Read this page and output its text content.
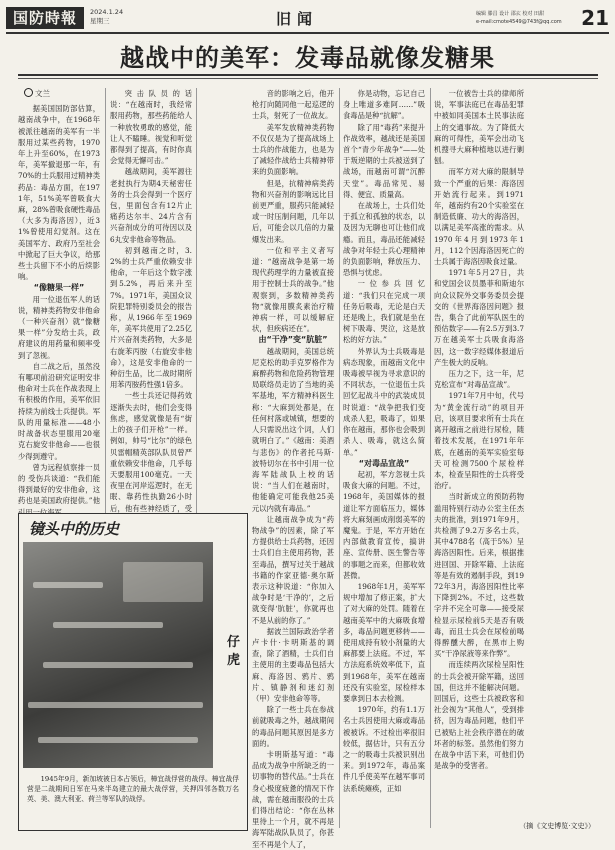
国防時報	2024.1.24
星期三	旧闻	编辑 滕昌 设计 邵玄 校对 田甜
e-mail:cmote4549@743f@qq.com 21
越战中的美军：发毒品就像发糖果
文兰

据美国国防部估算，越南战争中，在1968年被派往越南的美军有一半服用过某些药物，1970年上升至60%，在1973年，美军撤退那一年，有70%的士兵服用过精神类药品：毒品方面，在1971年，51%美军曾吸食大麻，28%曾吸食硬性毒品（大多为海洛因），近31%曾使用幻觉剂。这在美国军方、政府乃至社会中掀起了巨大争议，给那些士兵留下不小的后续影响。

“像糖果一样”

用一位退伍军人的话说，精神类药物安非他命（一种兴奋剂）就“像糖果一样”分发给士兵，政府建议的用药量和频率受到了忽视。

自二战之后，虽然没有哪项前沿研究证明安非他命对士兵在作战表现上有积极的作用，美军依旧持续为前线士兵提供。军队的用量标准——48小时战备状态里服用20毫克右旋安非他命——也很少得到遵守。

曾为远程侦察排一员的 受伤兵谈道：“我们能得到最好的安非他命，这药也是美国政府提供。”他

突击队员的话说：“在越南时，我经常服用药物，那些药能给人一种放牧勇敢的感觉，能让人不瞌睡。视觉和听觉都得到了提高，有时你真会觉得无懈可击。”

越战期间，美军源往老挝执行为期4天秘密任务的士兵会得到一个医疗包，里面包含有12片止痛药达尔丰、24片含有兴奋剂成分的可待因以及6丸安非他命等物品。

初到越南之时，3.2%的士兵严重依赖安非他命，一年后这个数字涨到5.2%，再后来升至7%。1971年，美国众议院犯罪特别委员会的报告称，从1966年至1969年，美军共使用了2.25亿片兴奋剂类药物，大多是右旋苯丙胺（右旋安非他命），这是安非他命的一种衍生品，比二战时期所用苯丙胺药性强1倍多。

一些士兵还记得药效逐渐失去时，他们会变得焦虑，感觉就像是有“街上的孩子们开枪”一样。例如，帅号“比尔”的绿色贝雷帽精英部队队员曾严重依赖安非他命，几乎每天要服用100毫克。一天夜里在河岸巡逻时，在无眠、靠药性执勤26小时后，他有些神经质了，受

音的影响之后，他开枪打向随同他一起巡逻的士兵，射死了一位战友。

美军发放精神类药物不仅仅是为了提高战场上士兵的作战能力，也是为了减轻作战给士兵精神带来的负面影响。

但是，抗精神病类药物和兴奋剂的影响远比目前更严重，服药只能减轻或一时压制问题，几年以后，可能会以几倍的力量爆发出来。

一位和平主义者写道：“越南战争是第一场现代药理学的力量被直接用于控制士兵的战争。”他观察到，多数精神类药物“就像用膜炙素治疗精神病一样，可以缓解症状，但疾病还在”。

由“干净”变“肮脏”

越战期间，美国总统尼克松的助手克罗格作为麻醉药物和危险药物管理局联络员走访了当地的美军基地，军方精神科医生称：“大麻到处都是，在任何村落或城镇，想要的人只需说出这个词，人们就明白了。”《越南：美酒与悲伤》的作者托马斯·波特切尔在书中引用一位海军陆战队上校的话说：“当人们在越南时，他能确定可能我他25美元以内就有毒品。”

让越南战争成为“药物战争”的因素，除了军方提供给士兵药物，还因士兵们自主使用药物，甚至毒品，撰写过关于越战书籍的作家亚德·奥尔斯表示这种说道：“你加入战争时是‘干净的’，之后就变得‘肮脏’，你就再也不是从前的你了。”

据波兰国际政治学者卢卡什·卡明斯基的调查，除了酒精，士兵们自主使用的主要毒品包括大麻、海洛因、鸦片、鸦片、镇静剂和迷幻剂（甲）安非他命等等。

除了一些士兵在参战前就吸毒之外，越战期间的毒品问题其原因是多方面的。

卡明斯基写道：“毒品成为战争中所缺乏的一切事物的替代品。”士兵在身心极度疲惫的情况下作战，需在越南服役的士兵们得出结论：“你在丛林里待上一个月，就不再是海军陆战队队员了，你甚至不再是个人了，

你是动物，忘记自己身上唯道多难阿……”吸食毒品是种“抗解”。

除了用“毒药”来提升作战效率，越战还是美国首个“青少年战争”——处于叛逆期的士兵被送到了战场，而越南可谓“沉醉天堂”。毒品常见、易得、便宜、质量高。

在战场上，士兵们处于孤立和孤独的状态，以及因为无聊也可让他们成瘾。而且，毒品还能减轻战争对年轻士兵心理精神的负面影响，释放压力、恐惧与忧虑。

一位参兵回忆道：“我们只在完成一项任务后吸毒，无论是白天还是晚上，我们就是坐在树下吸毒、哭泣，这是放松的好方法。”

外界认为士兵吸毒是病态现象，而越南文化中吸毒被早视为寻求意识的不同状态，一位退伍士兵回忆起战斗中的武装成员时说道：“战争把我们变成杀人犯，吸毒了，如果你在越南，那你也会吸到杀人、吸毒，就这么简单。”

“对毒品宣战”

起初，军方忽视士兵吸食大麻的问题。不过，1968年，美国媒体的报道让军方面临压力，媒体将大麻刻画成削弱美军的魔鬼。于是，军方开始在内部做教育宣传，搞讲座、宣传册、医生警告等的事题之而来，但都收效甚微。

1968年1月，美军军规中增加了修正案，扩大了对大麻的处罚。随着在越南美军中的大麻吸食增多，毒品问题更移转——使用成持有较小剂量的大麻都要上法庭。不过，军方法庭系统效率低下，直到1968年，美军在越南还没有实验室，尿检样本要拿到日本去检测。

1970年，约有1.1万名士兵因使用大麻或毒品被被诉。不过检出率很旧较低，据估计，只有五分之一的吸毒士兵被识别出来。到1972年，毒品案件几乎使美军在越军事司法系统瘫痪，正如

一位被告士兵的律师所说，军事法庭已在毒品犯罪中被如同美国本土民事法庭上的交通事故。为了降低大麻的可得性，美军会出动飞机搜寻大麻种植地以进行剿刨。

而军方对大麻的限制导致一个严重的后果：海洛因开始流行起来。到1971年，越南约有20个实验室在制造低廉、功大的海洛因，以满足美军高涨的需求。从1970年4月到1973年1月，112个因海洛因死亡的士兵属于海洛因吸食过量。

1971年5月27日，共和党国会议员墨菲和斯迪尔向众议院外交事务委员会提交的《世界海洛因问题》报告，集合了此前军队医生的预估数字——有2.5万到3.7万在越美军士兵吸食海洛因，这一数字经媒体报道后产生极大的反响。

压力之下，这一年，尼克松宣布“对毒品宣战”。

1971年7月中旬，代号为“黄金流行动”的项目开启，该项目要求所有士兵在离开越南之前进行尿检，随着技术发展，在1971年年底，在越南的美军实验室每天可检测7500个尿检样本，检查呈阳性的士兵将受治疗。

当时新成立的预防药物滥用特别行动办公室主任杰夫的批准，到1971年9月，共检测了9.2万多名士兵，其中4788名（高于5%）呈海洛因阳性。后来，根据推进回国、开除军籍、上法庭等是有效的遏制手段，到1972年3月，海洛因阳性比率下降到2%。不过，这些数字并不完全可靠——接受尿检显示尿检前5天是否有吸毒，而且士兵会在尿检前喝得醉醺大醉，在黑市上购买“干净尿液等来作弊”。

而连续两次尿检呈阳性的士兵会被开除军籍，送回国，但这并不能解决问题。回国后，这些士兵被政客和社会视为“其他人”，受到排挤，因为毒品问题，他们平已被贴上社会秩序潜在的破坏者的标签。虽然他们努力在战争中活下来，可他们仍是战争的受害者。

（摘《文史博览·文史》）
镜头中的历史
仔虎
1945年9月，新加坡被日本占领后，樟宜战俘营的战俘。樟宜战俘营是二战期间日军在马来半岛建立的最大战俘营，关押四邻各数万名英、美、澳大利亚、荷兰等军队的战俘。
